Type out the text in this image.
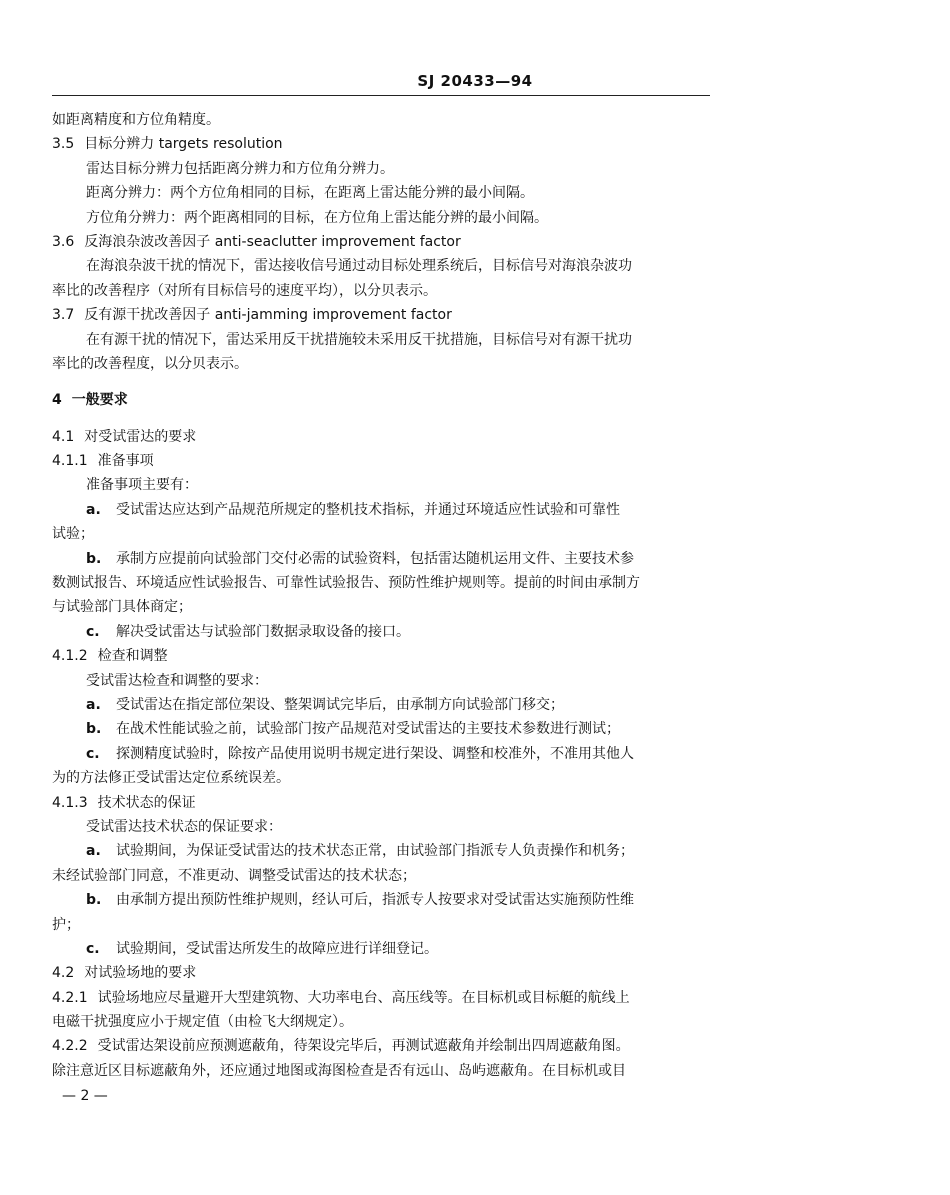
SJ 20433—94
如距离精度和方位角精度。
3.5 目标分辨力 targets resolution
雷达目标分辨力包括距离分辨力和方位角分辨力。
距离分辨力：两个方位角相同的目标，在距离上雷达能分辨的最小间隔。
方位角分辨力：两个距离相同的目标，在方位角上雷达能分辨的最小间隔。
3.6 反海浪杂波改善因子 anti-seaclutter improvement factor
在海浪杂波干扰的情况下，雷达接收信号通过动目标处理系统后，目标信号对海浪杂波功
率比的改善程序（对所有目标信号的速度平均），以分贝表示。
3.7 反有源干扰改善因子 anti-jamming improvement factor
在有源干扰的情况下，雷达采用反干扰措施较未采用反干扰措施，目标信号对有源干扰功
率比的改善程度，以分贝表示。
4 一般要求
4.1 对受试雷达的要求
4.1.1 准备事项
准备事项主要有：
a. 受试雷达应达到产品规范所规定的整机技术指标，并通过环境适应性试验和可靠性
试验；
b. 承制方应提前向试验部门交付必需的试验资料，包括雷达随机运用文件、主要技术参
数测试报告、环境适应性试验报告、可靠性试验报告、预防性维护规则等。提前的时间由承制方
与试验部门具体商定；
c. 解决受试雷达与试验部门数据录取设备的接口。
4.1.2 检查和调整
受试雷达检查和调整的要求：
a. 受试雷达在指定部位架设、整架调试完毕后，由承制方向试验部门移交；
b. 在战术性能试验之前，试验部门按产品规范对受试雷达的主要技术参数进行测试；
c. 探测精度试验时，除按产品使用说明书规定进行架设、调整和校准外，不准用其他人
为的方法修正受试雷达定位系统误差。
4.1.3 技术状态的保证
受试雷达技术状态的保证要求：
a. 试验期间，为保证受试雷达的技术状态正常，由试验部门指派专人负责操作和机务；
未经试验部门同意，不准更动、调整受试雷达的技术状态；
b. 由承制方提出预防性维护规则，经认可后，指派专人按要求对受试雷达实施预防性维
护；
c. 试验期间，受试雷达所发生的故障应进行详细登记。
4.2 对试验场地的要求
4.2.1 试验场地应尽量避开大型建筑物、大功率电台、高压线等。在目标机或目标艇的航线上
电磁干扰强度应小于规定值（由检飞大纲规定）。
4.2.2 受试雷达架设前应预测遮蔽角，待架设完毕后，再测试遮蔽角并绘制出四周遮蔽角图。
除注意近区目标遮蔽角外，还应通过地图或海图检查是否有远山、岛屿遮蔽角。在目标机或目
— 2 —
